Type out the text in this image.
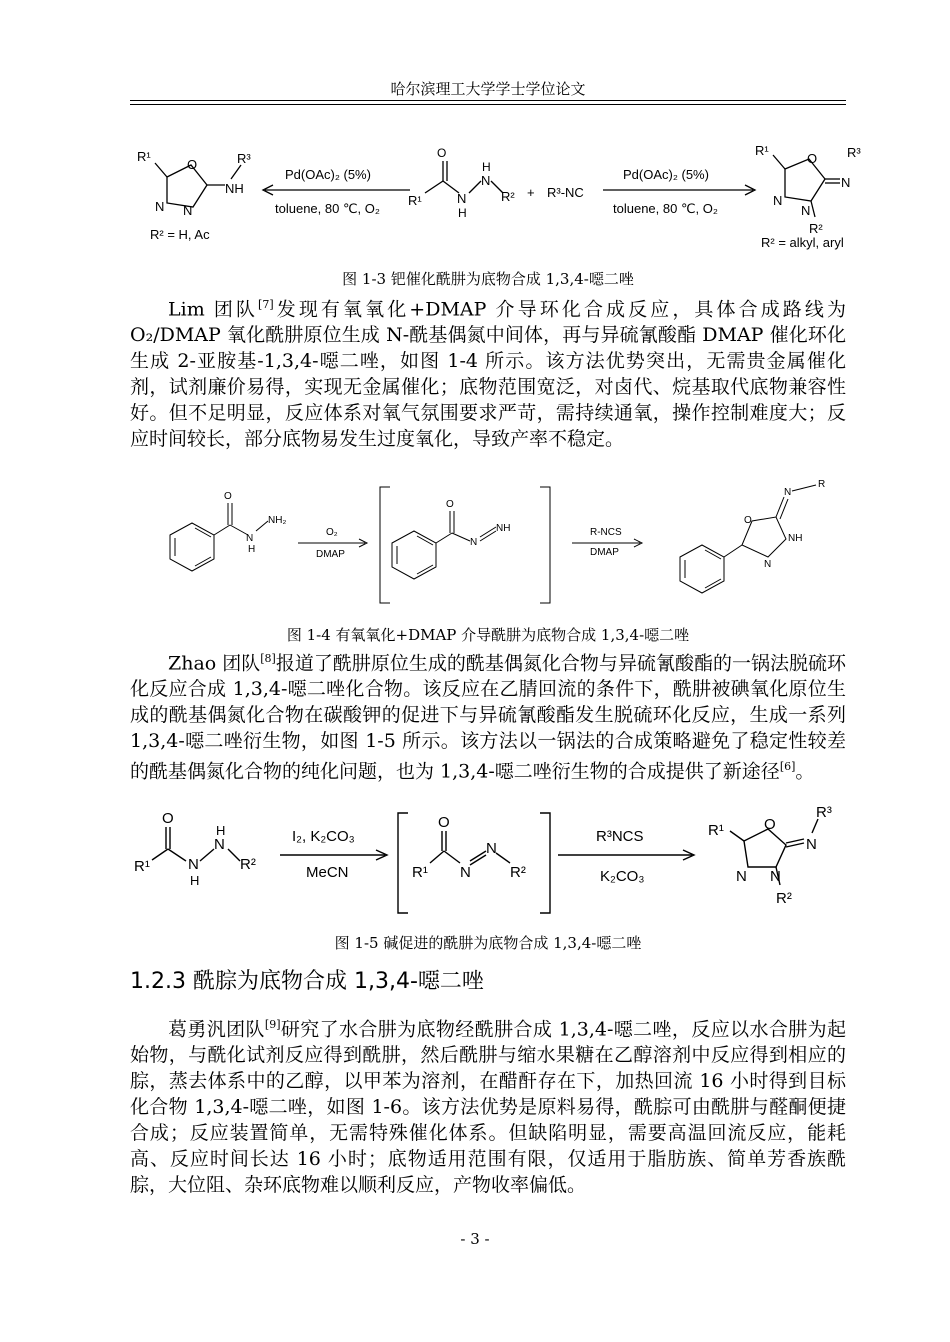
哈尔滨理工大学学士学位论文
R¹
O
N N
NH
R³
R² = H, Ac
Pd(OAc)₂ (5%)
toluene, 80 ℃, O₂
O
R¹	N
H
N
H
R² + R³-NC
Pd(OAc)₂ (5%)
toluene, 80 ℃, O₂
R¹
O
N
N
N
R³
R²
R² = alkyl, aryl
图 1-3 钯催化酰肼为底物合成 1,3,4-噁二唑

Lim 团队[7]发现有氧氧化+DMAP 介导环化合成反应，具体合成路线为 O₂/DMAP 氧化酰肼原位生成 N-酰基偶氮中间体，再与异硫氰酸酯 DMAP 催化环化生成 2-亚胺基-1,3,4-噁二唑，如图 1-4 所示。该方法优势突出，无需贵金属催化剂，试剂廉价易得，实现无金属催化；底物范围宽泛，对卤代、烷基取代底物兼容性好。但不足明显，反应体系对氧气氛围要求严苛，需持续通氧，操作控制难度大；反应时间较长，部分底物易发生过度氧化，导致产率不稳定。

O
N
H
NH₂
O₂
DMAP
O
N
NH	R-NCS
DMAP
O
N
NH
N
R
图 1-4 有氧氧化+DMAP 介导酰肼为底物合成 1,3,4-噁二唑

Zhao 团队[8]报道了酰肼原位生成的酰基偶氮化合物与异硫氰酸酯的一锅法脱硫环化反应合成 1,3,4-噁二唑化合物。该反应在乙腈回流的条件下，酰肼被碘氧化原位生成的酰基偶氮化合物在碳酸钾的促进下与异硫氰酸酯发生脱硫环化反应，生成一系列 1,3,4-噁二唑衍生物，如图 1-5 所示。该方法以一锅法的合成策略避免了稳定性较差的酰基偶氮化合物的纯化问题，也为 1,3,4-噁二唑衍生物的合成提供了新途径[6]。

O
R¹	N
H
N
H
R²
I₂, K₂CO₃
MeCN
O
R¹ N
N
R²
R³NCS
K₂CO₃
R¹	O
N N
N
R³
R²
图 1-5 碱促进的酰肼为底物合成 1,3,4-噁二唑
1.2.3 酰腙为底物合成 1,3,4-噁二唑

葛勇汎团队[9]研究了水合肼为底物经酰肼合成 1,3,4-噁二唑，反应以水合肼为起始物，与酰化试剂反应得到酰肼，然后酰肼与缩水果糖在乙醇溶剂中反应得到相应的腙，蒸去体系中的乙醇，以甲苯为溶剂，在醋酐存在下，加热回流 16 小时得到目标化合物 1,3,4-噁二唑，如图 1-6。该方法优势是原料易得，酰腙可由酰肼与醛酮便捷合成；反应装置简单，无需特殊催化体系。但缺陷明显，需要高温回流反应，能耗高、反应时间长达 16 小时；底物适用范围有限，仅适用于脂肪族、简单芳香族酰腙，大位阻、杂环底物难以顺利反应，产物收率偏低。

- 3 -
